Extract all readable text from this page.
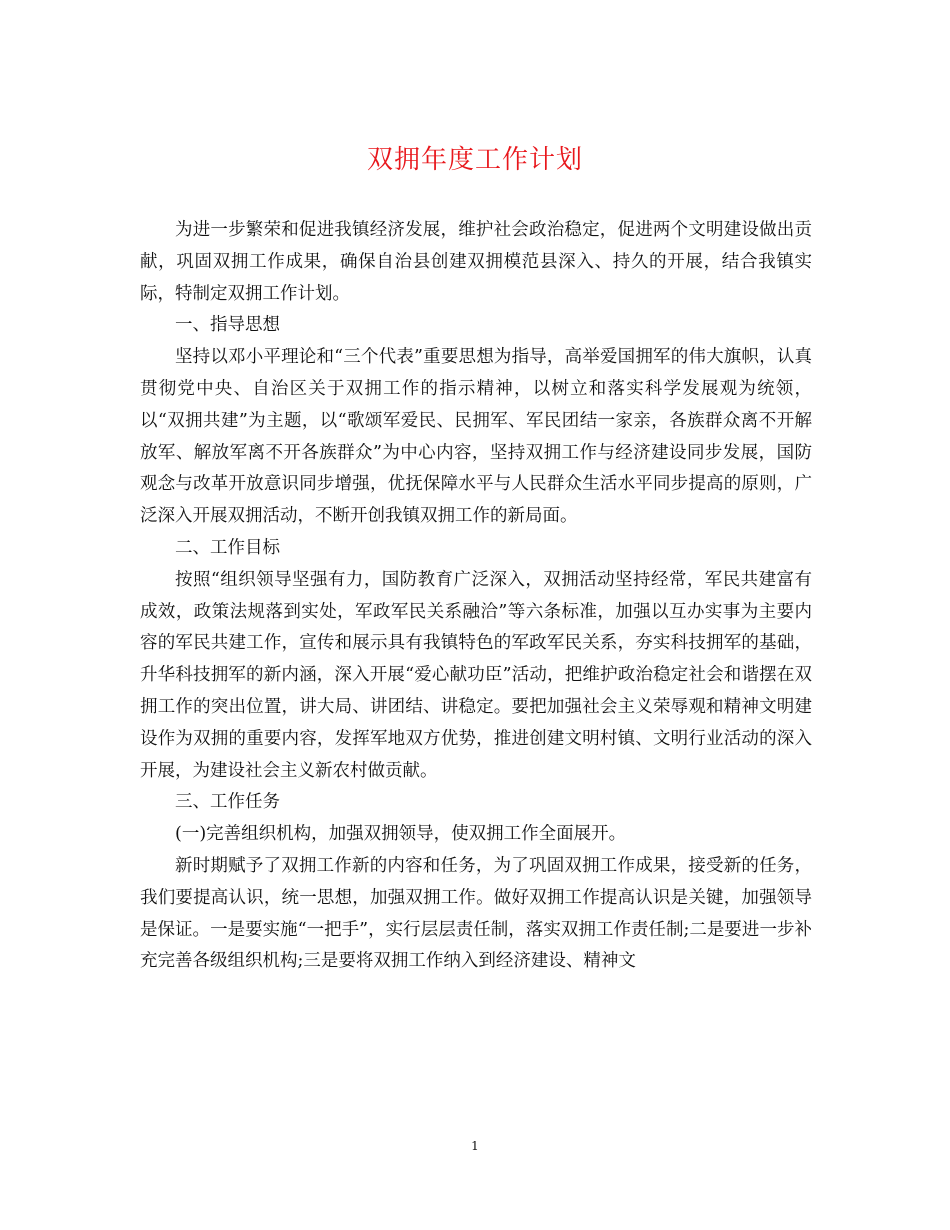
双拥年度工作计划

为进一步繁荣和促进我镇经济发展，维护社会政治稳定，促进两个文明建设做出贡献，巩固双拥工作成果，确保自治县创建双拥模范县深入、持久的开展，结合我镇实际，特制定双拥工作计划。

一、指导思想

坚持以邓小平理论和“三个代表”重要思想为指导，高举爱国拥军的伟大旗帜，认真贯彻党中央、自治区关于双拥工作的指示精神，以树立和落实科学发展观为统领，以“双拥共建”为主题，以“歌颂军爱民、民拥军、军民团结一家亲，各族群众离不开解放军、解放军离不开各族群众”为中心内容，坚持双拥工作与经济建设同步发展，国防观念与改革开放意识同步增强，优抚保障水平与人民群众生活水平同步提高的原则，广泛深入开展双拥活动，不断开创我镇双拥工作的新局面。

二、工作目标

按照“组织领导坚强有力，国防教育广泛深入，双拥活动坚持经常，军民共建富有成效，政策法规落到实处，军政军民关系融洽”等六条标准，加强以互办实事为主要内容的军民共建工作，宣传和展示具有我镇特色的军政军民关系，夯实科技拥军的基础，升华科技拥军的新内涵，深入开展“爱心献功臣”活动，把维护政治稳定社会和谐摆在双拥工作的突出位置，讲大局、讲团结、讲稳定。要把加强社会主义荣辱观和精神文明建设作为双拥的重要内容，发挥军地双方优势，推进创建文明村镇、文明行业活动的深入开展，为建设社会主义新农村做贡献。

三、工作任务

(一)完善组织机构，加强双拥领导，使双拥工作全面展开。

新时期赋予了双拥工作新的内容和任务，为了巩固双拥工作成果，接受新的任务，我们要提高认识，统一思想，加强双拥工作。做好双拥工作提高认识是关键，加强领导是保证。一是要实施“一把手”，实行层层责任制，落实双拥工作责任制;二是要进一步补充完善各级组织机构;三是要将双拥工作纳入到经济建设、精神文

1
